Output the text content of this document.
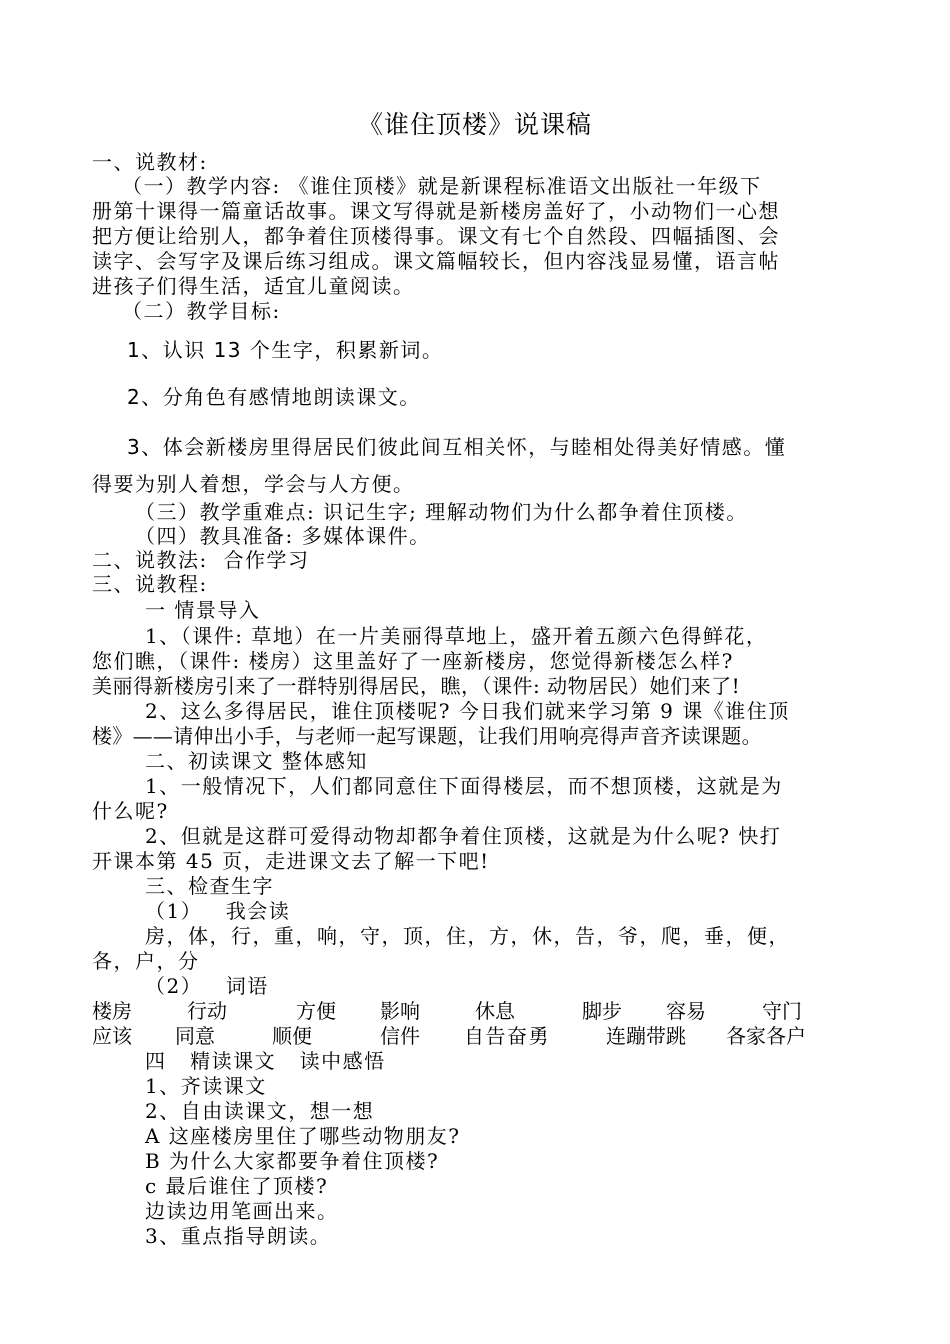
《谁住顶楼》说课稿
一、说教材:
（一）教学内容: 《谁住顶楼》就是新课程标准语文出版社一年级下
册第十课得一篇童话故事。课文写得就是新楼房盖好了，小动物们一心想
把方便让给别人，都争着住顶楼得事。课文有七个自然段、四幅插图、会
读字、会写字及课后练习组成。课文篇幅较长，但内容浅显易懂，语言帖
进孩子们得生活，适宜儿童阅读。
（二）教学目标:
1、认识 13 个生字，积累新词。
2、分角色有感情地朗读课文。
3、体会新楼房里得居民们彼此间互相关怀，与睦相处得美好情感。懂
得要为别人着想，学会与人方便。
（三）教学重难点: 识记生字; 理解动物们为什么都争着住顶楼。
（四）教具准备: 多媒体课件。
二、说教法:  合作学习
三、说教程:
一 情景导入
1、（课件: 草地）在一片美丽得草地上，盛开着五颜六色得鲜花，
您们瞧，（课件: 楼房）这里盖好了一座新楼房，您觉得新楼怎么样?
美丽得新楼房引来了一群特别得居民，瞧，（课件: 动物居民）她们来了!
2、这么多得居民，谁住顶楼呢? 今日我们就来学习第 9 课《谁住顶
楼》——请伸出小手，与老师一起写课题，让我们用响亮得声音齐读课题。
二、初读课文 整体感知
1、一般情况下，人们都同意住下面得楼层，而不想顶楼，这就是为
什么呢?
2、但就是这群可爱得动物却都争着住顶楼，这就是为什么呢? 快打
开课本第 45 页，走进课文去了解一下吧!
三、检查生字
（1）   我会读
房，体，行，重，响，守，顶，住，方，休，告，爷，爬，垂，便，
各，户，分
（2）   词语
楼房	行动	方便 影响	休息	脚步 容易	守门
应该 同意	顺便	信件 自告奋勇	连蹦带跳 各家各户
四   精读课文   读中感悟
1、齐读课文
2、自由读课文，想一想
A 这座楼房里住了哪些动物朋友?
B 为什么大家都要争着住顶楼?
c 最后谁住了顶楼?
边读边用笔画出来。
3、重点指导朗读。
